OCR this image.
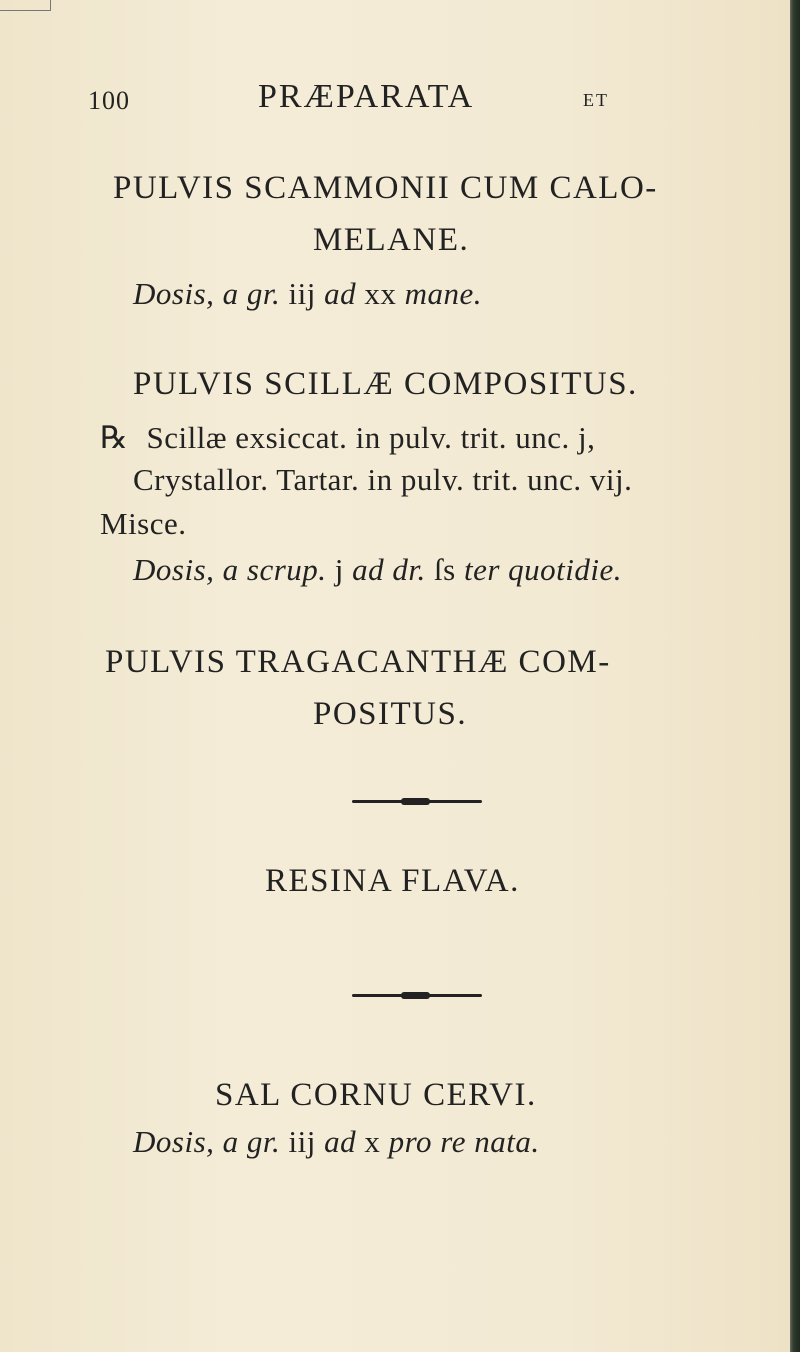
100	PRÆPARATA	ET
PULVIS SCAMMONII CUM CALO-
MELANE.
Dosis, a gr. iij ad xx mane.
PULVIS SCILLÆ COMPOSITUS.
℞ Scillæ exsiccat. in pulv. trit. unc. j,
Crystallor. Tartar. in pulv. trit. unc. vij.
Misce.
Dosis, a scrup. j ad dr. ſs ter quotidie.
PULVIS TRAGACANTHÆ COM-
POSITUS.
RESINA FLAVA.
SAL CORNU CERVI.
Dosis, a gr. iij ad x pro re nata.
